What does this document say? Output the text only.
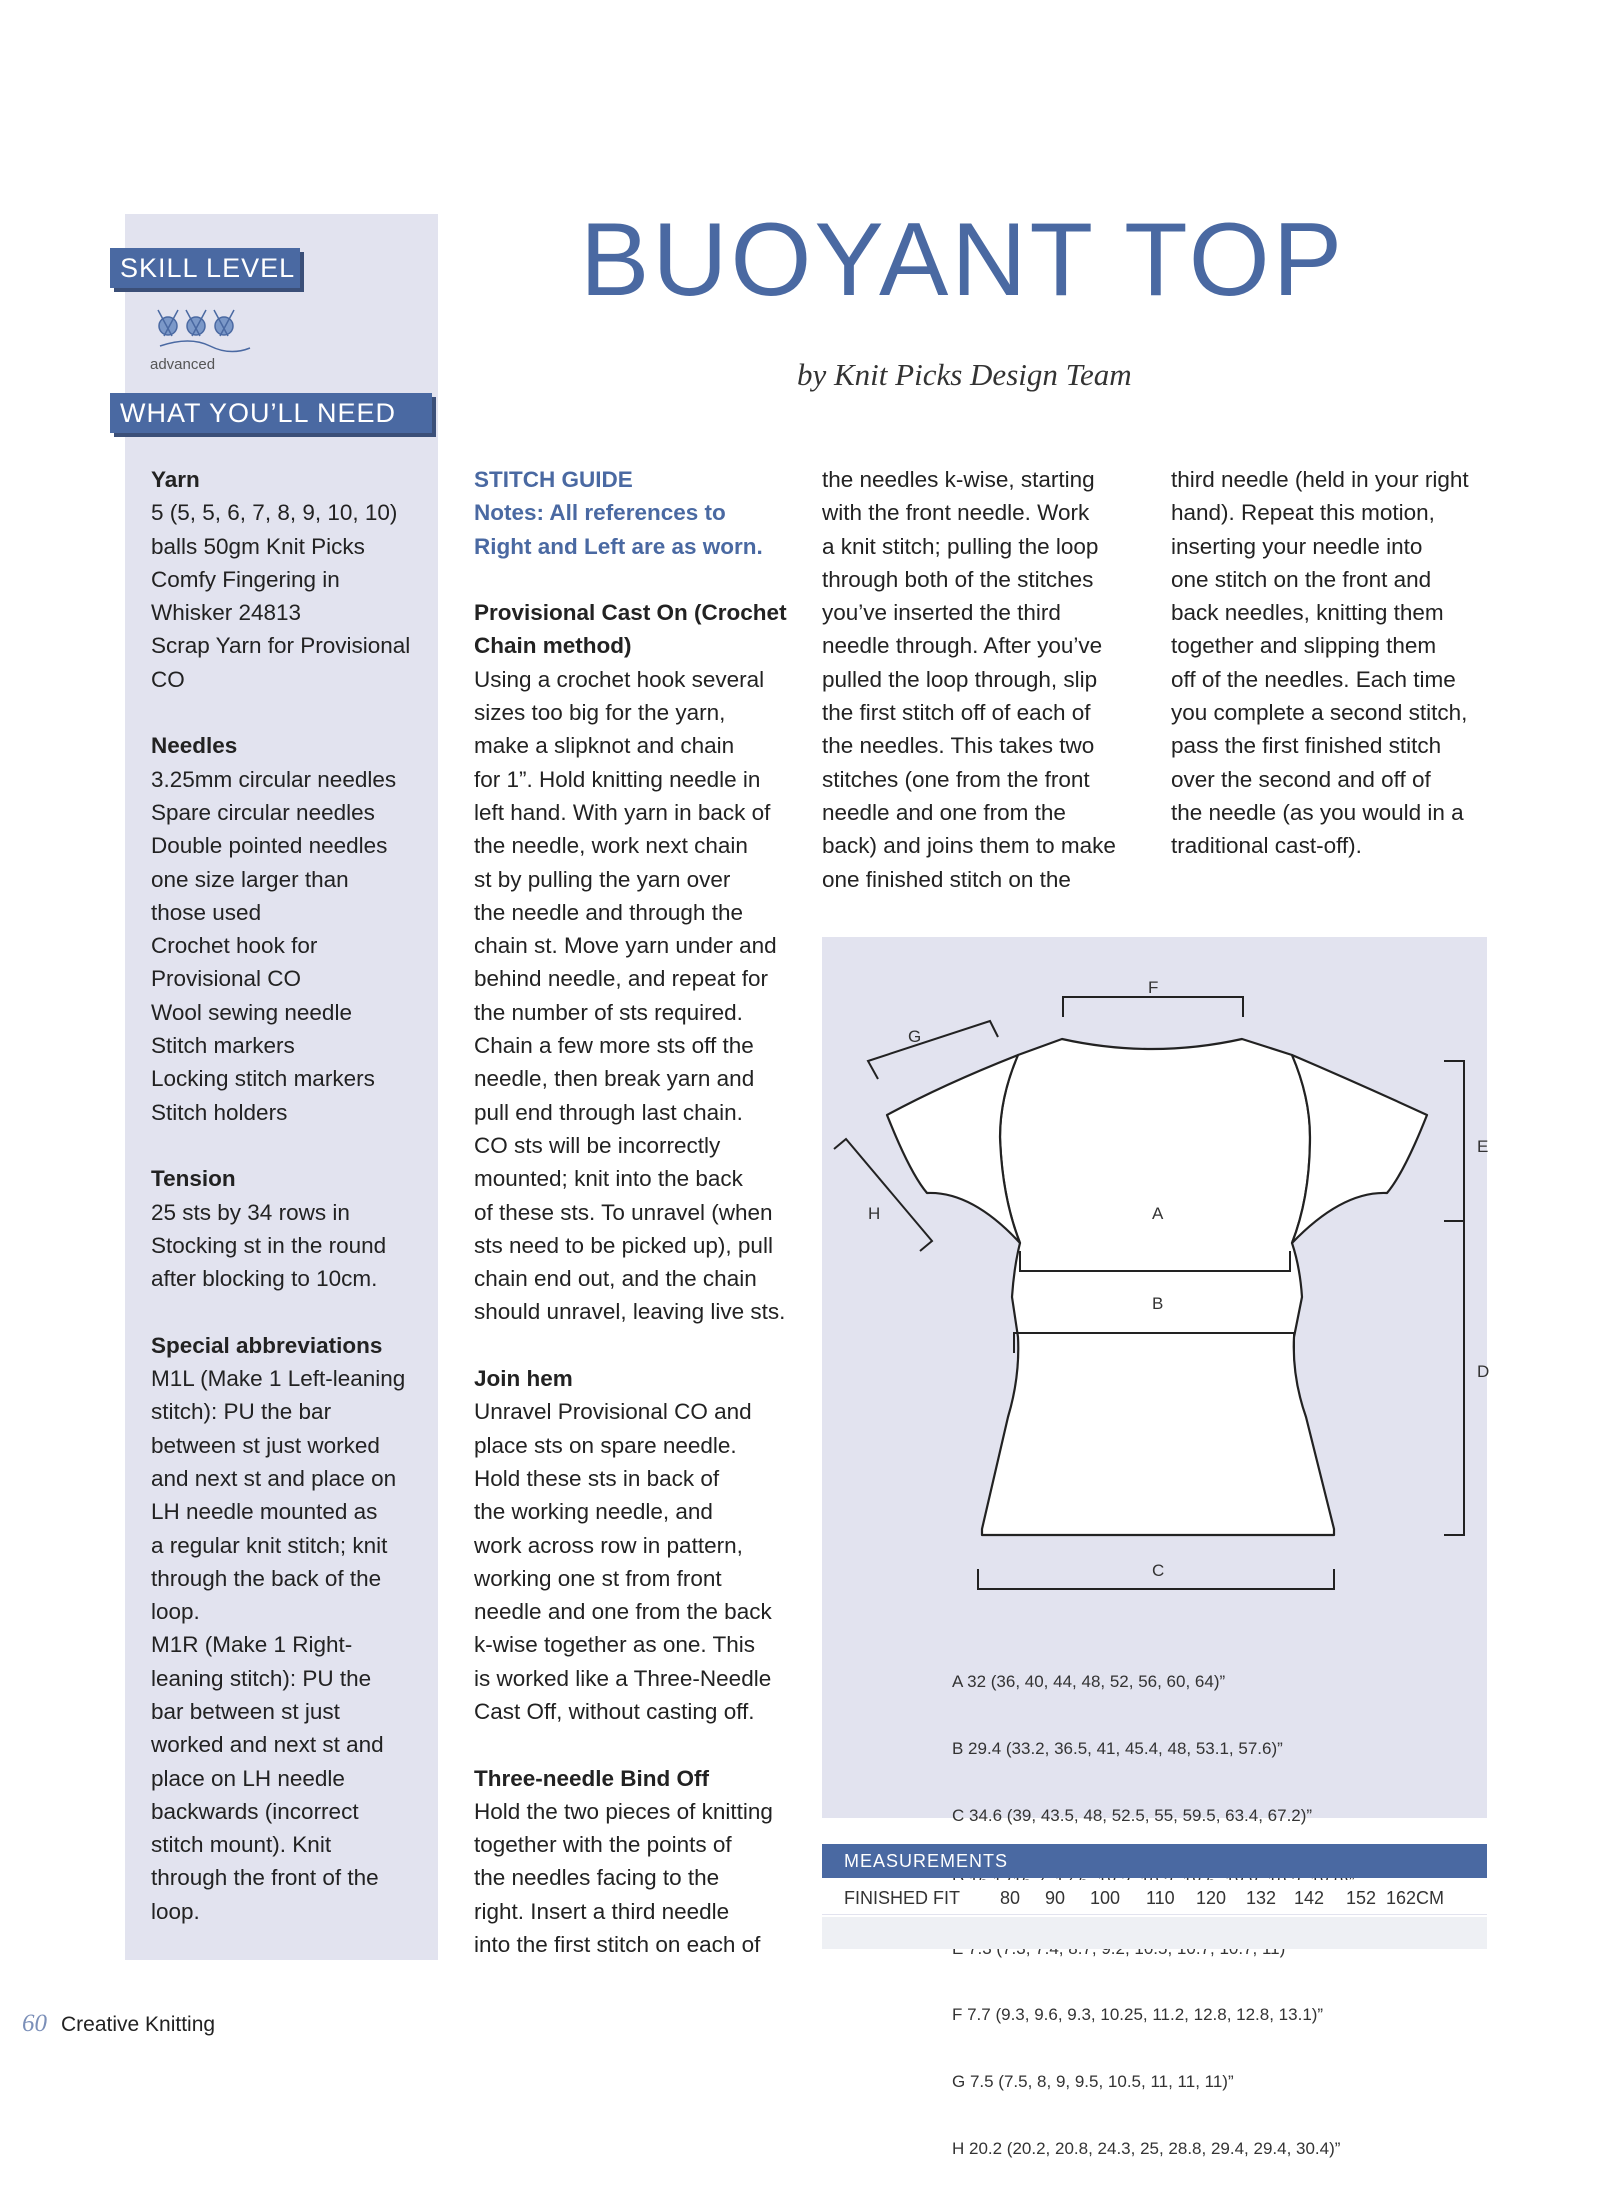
SKILL LEVEL
advanced
WHAT YOU’LL NEED

Yarn

5 (5, 5, 6, 7, 8, 9, 10, 10)

balls 50gm Knit Picks

Comfy Fingering in

Whisker 24813

Scrap Yarn for Provisional

CO

Needles

3.25mm circular needles

Spare circular needles

Double pointed needles

one size larger than

those used

Crochet hook for

Provisional CO

Wool sewing needle

Stitch markers

Locking stitch markers

Stitch holders

Tension

25 sts by 34 rows in

Stocking st in the round

after blocking to 10cm.

Special abbreviations

M1L (Make 1 Left-leaning

stitch): PU the bar

between st just worked

and next st and place on

LH needle mounted as

a regular knit stitch; knit

through the back of the

loop.

M1R (Make 1 Right-

leaning stitch): PU the

bar between st just

worked and next st and

place on LH needle

backwards (incorrect

stitch mount). Knit

through the front of the

loop.

BUOYANT TOP
by Knit Picks Design Team

STITCH GUIDE

Notes: All references to

Right and Left are as worn.

Provisional Cast On (Crochet

Chain method)

Using a crochet hook several

sizes too big for the yarn,

make a slipknot and chain

for 1”. Hold knitting needle in

left hand. With yarn in back of

the needle, work next chain

st by pulling the yarn over

the needle and through the

chain st. Move yarn under and

behind needle, and repeat for

the number of sts required.

Chain a few more sts off the

needle, then break yarn and

pull end through last chain.

CO sts will be incorrectly

mounted; knit into the back

of these sts. To unravel (when

sts need to be picked up), pull

chain end out, and the chain

should unravel, leaving live sts.

Join hem

Unravel Provisional CO and

place sts on spare needle.

Hold these sts in back of

the working needle, and

work across row in pattern,

working one st from front

needle and one from the back

k-wise together as one. This

is worked like a Three-Needle

Cast Off, without casting off.

Three-needle Bind Off

Hold the two pieces of knitting

together with the points of

the needles facing to the

right. Insert a third needle

into the first stitch on each of

the needles k-wise, starting

with the front needle. Work

a knit stitch; pulling the loop

through both of the stitches

you’ve inserted the third

needle through. After you’ve

pulled the loop through, slip

the first stitch off of each of

the needles. This takes two

stitches (one from the front

needle and one from the

back) and joins them to make

one finished stitch on the

third needle (held in your right

hand). Repeat this motion,

inserting your needle into

one stitch on the front and

back needles, knitting them

together and slipping them

off of the needles. Each time

you complete a second stitch,

pass the first finished stitch

over the second and off of

the needle (as you would in a

traditional cast-off).

F
G
H	A
B
C
E
D

A 32 (36, 40, 44, 48, 52, 56, 60, 64)”

B 29.4 (33.2, 36.5, 41, 45.4, 48, 53.1, 57.6)”

C 34.6 (39, 43.5, 48, 52.5, 55, 59.5, 63.4, 67.2)”

F 7.7 (9.3, 9.6, 9.3, 10.25, 11.2, 12.8, 12.8, 13.1)”

G 7.5 (7.5, 8, 9, 9.5, 10.5, 11, 11, 11)”

H 20.2 (20.2, 20.8, 24.3, 25, 28.8, 29.4, 29.4, 30.4)”

MEASUREMENTS
FINISHED FIT 80 90 100 110 120 132 142 152 162CM
60 Creative Knitting
